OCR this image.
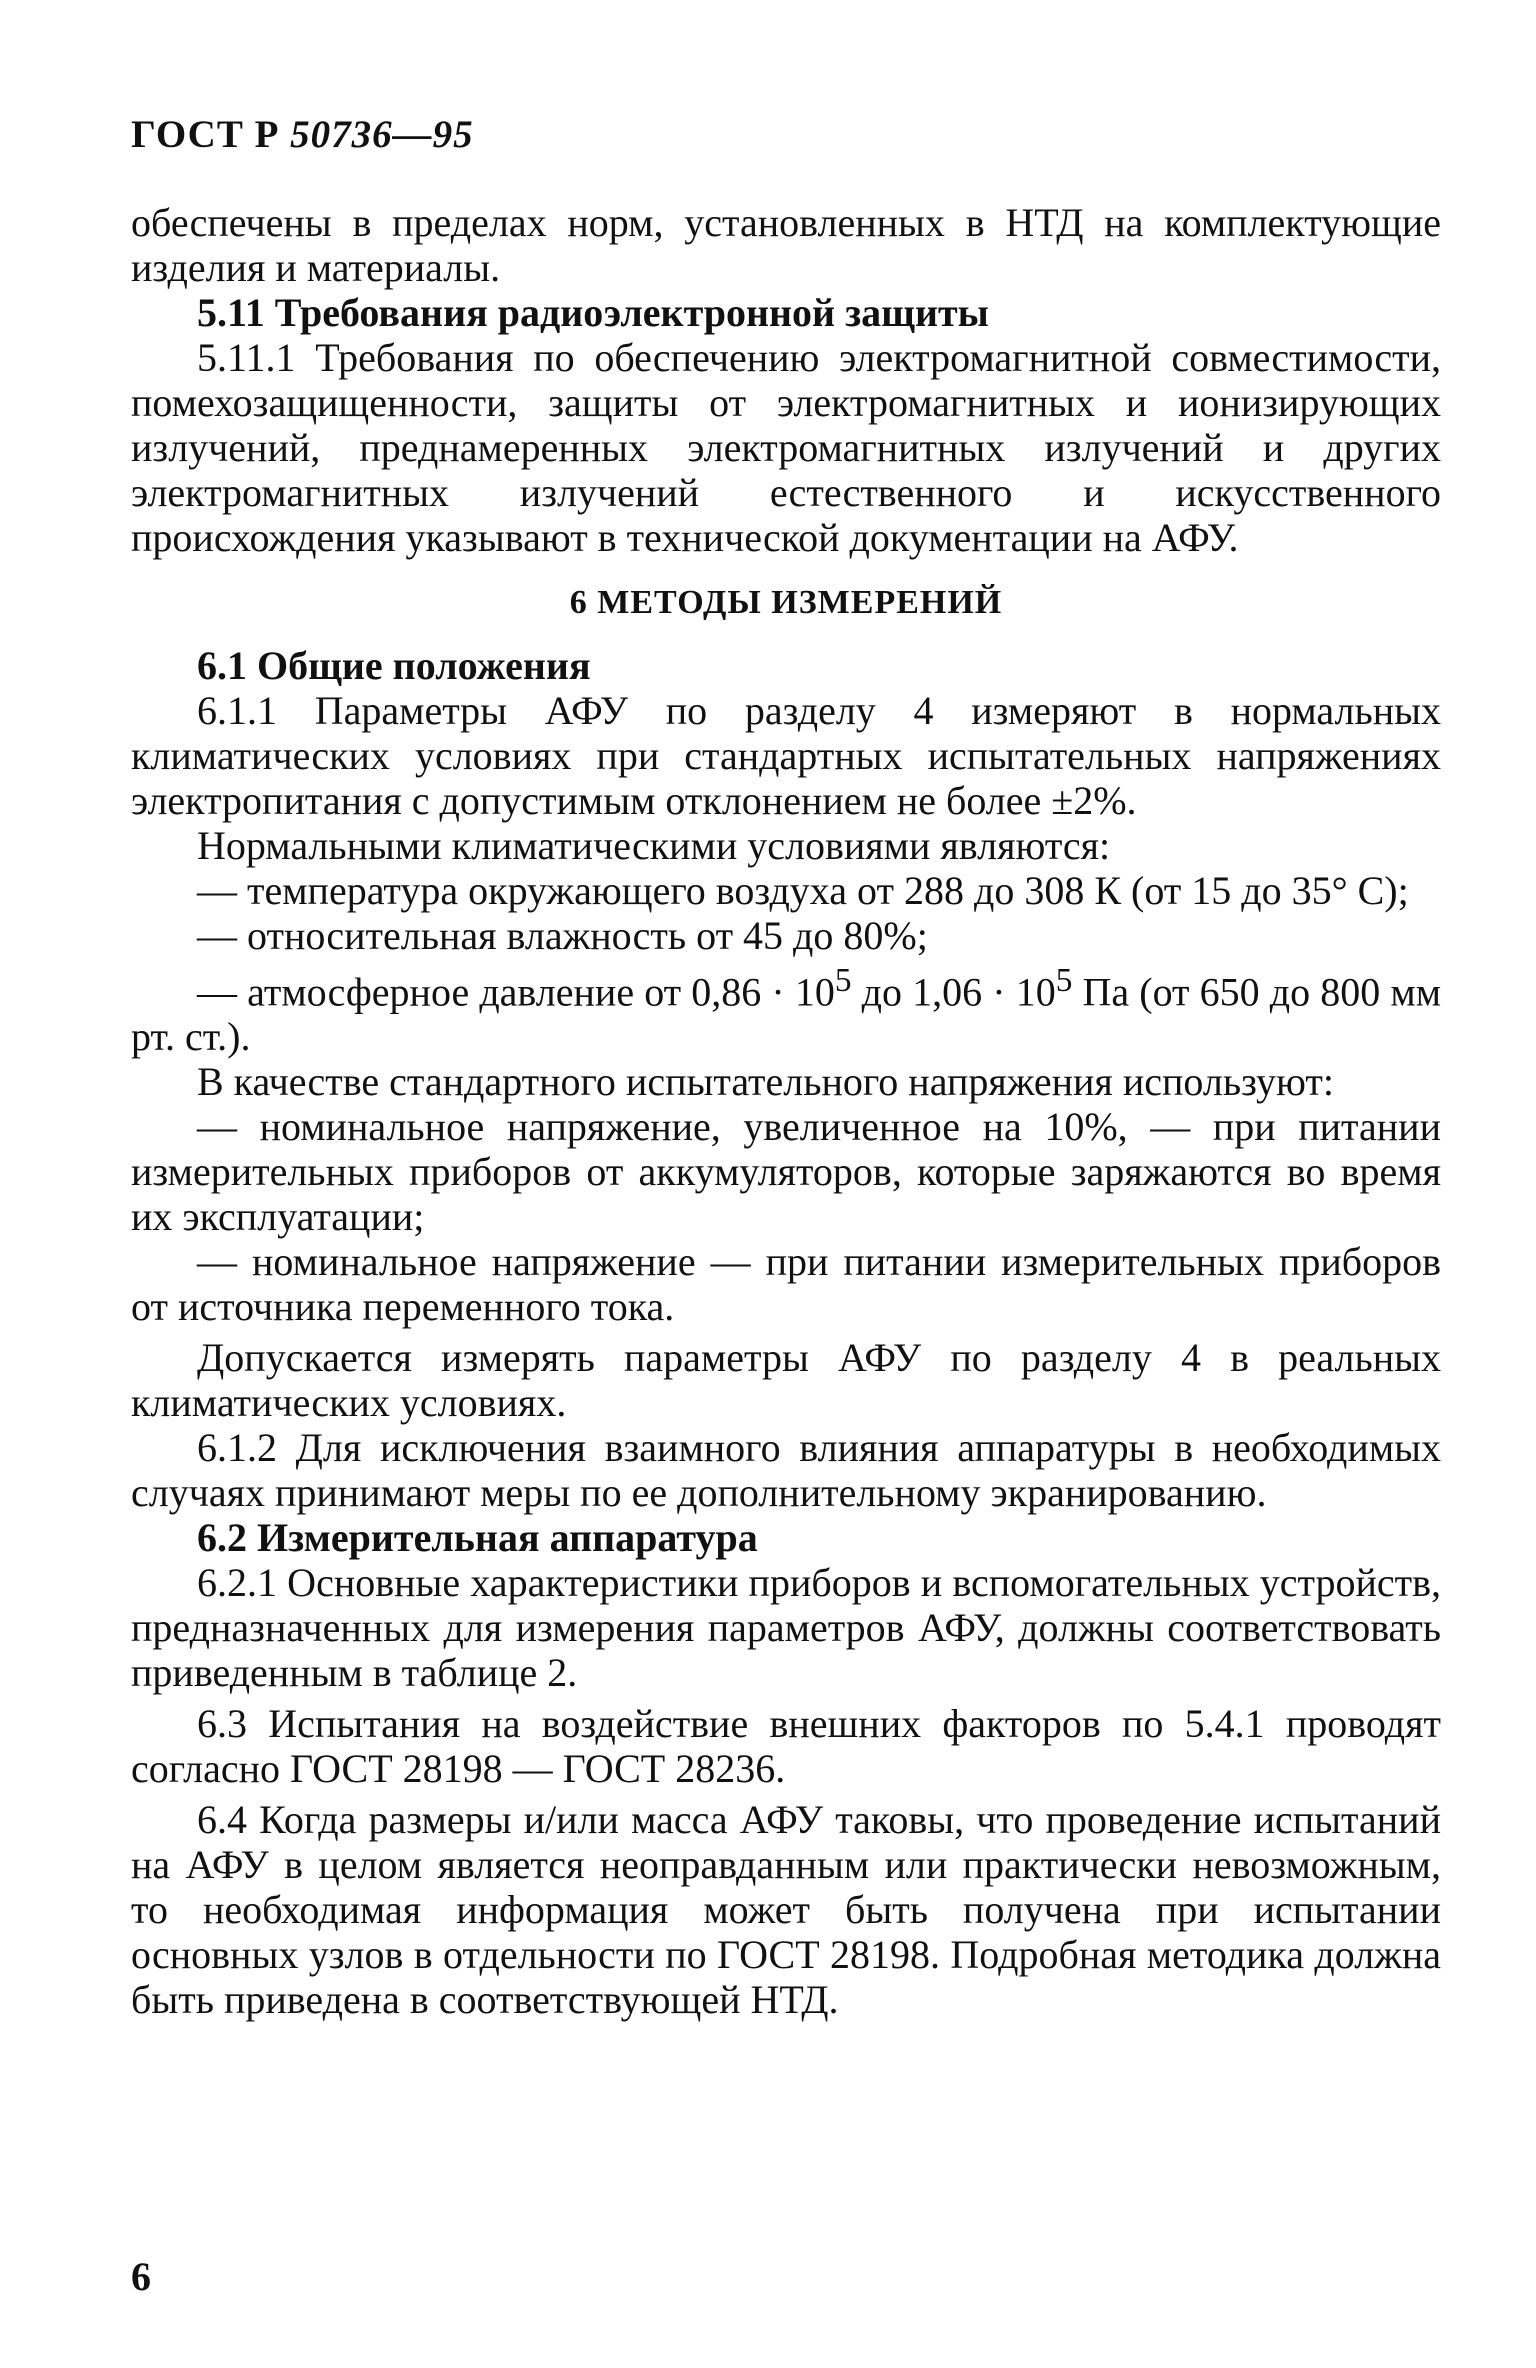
ГОСТ Р 50736—95

обеспечены в пределах норм, установленных в НТД на комплектующие изделия и материалы.

5.11 Требования радиоэлектронной защиты

5.11.1 Требования по обеспечению электромагнитной совместимости, помехозащищенности, защиты от электромагнитных и ионизирующих излучений, преднамеренных электромагнитных излучений и других электромагнитных излучений естественного и искусственного происхождения указывают в технической документации на АФУ.

6 МЕТОДЫ ИЗМЕРЕНИЙ

6.1 Общие положения

6.1.1 Параметры АФУ по разделу 4 измеряют в нормальных климатических условиях при стандартных испытательных напряжениях электропитания с допустимым отклонением не более ±2%.

Нормальными климатическими условиями являются:

— температура окружающего воздуха от 288 до 308 К (от 15 до 35° С);

— относительная влажность от 45 до 80%;

— атмосферное давление от $0,86 \cdot 10^5$ до $1,06 \cdot 10^5$ Па (от 650 до 800 мм рт. ст.).

В качестве стандартного испытательного напряжения используют:

— номинальное напряжение, увеличенное на 10%, — при питании измерительных приборов от аккумуляторов, которые заряжаются во время их эксплуатации;

— номинальное напряжение — при питании измерительных приборов от источника переменного тока.

Допускается измерять параметры АФУ по разделу 4 в реальных климатических условиях.

6.1.2 Для исключения взаимного влияния аппаратуры в необходимых случаях принимают меры по ее дополнительному экранированию.

6.2 Измерительная аппаратура

6.2.1 Основные характеристики приборов и вспомогательных устройств, предназначенных для измерения параметров АФУ, должны соответствовать приведенным в таблице 2.

6.3 Испытания на воздействие внешних факторов по 5.4.1 проводят согласно ГОСТ 28198 — ГОСТ 28236.

6.4 Когда размеры и/или масса АФУ таковы, что проведение испытаний на АФУ в целом является неоправданным или практически невозможным, то необходимая информация может быть получена при испытании основных узлов в отдельности по ГОСТ 28198. Подробная методика должна быть приведена в соответствующей НТД.

6
